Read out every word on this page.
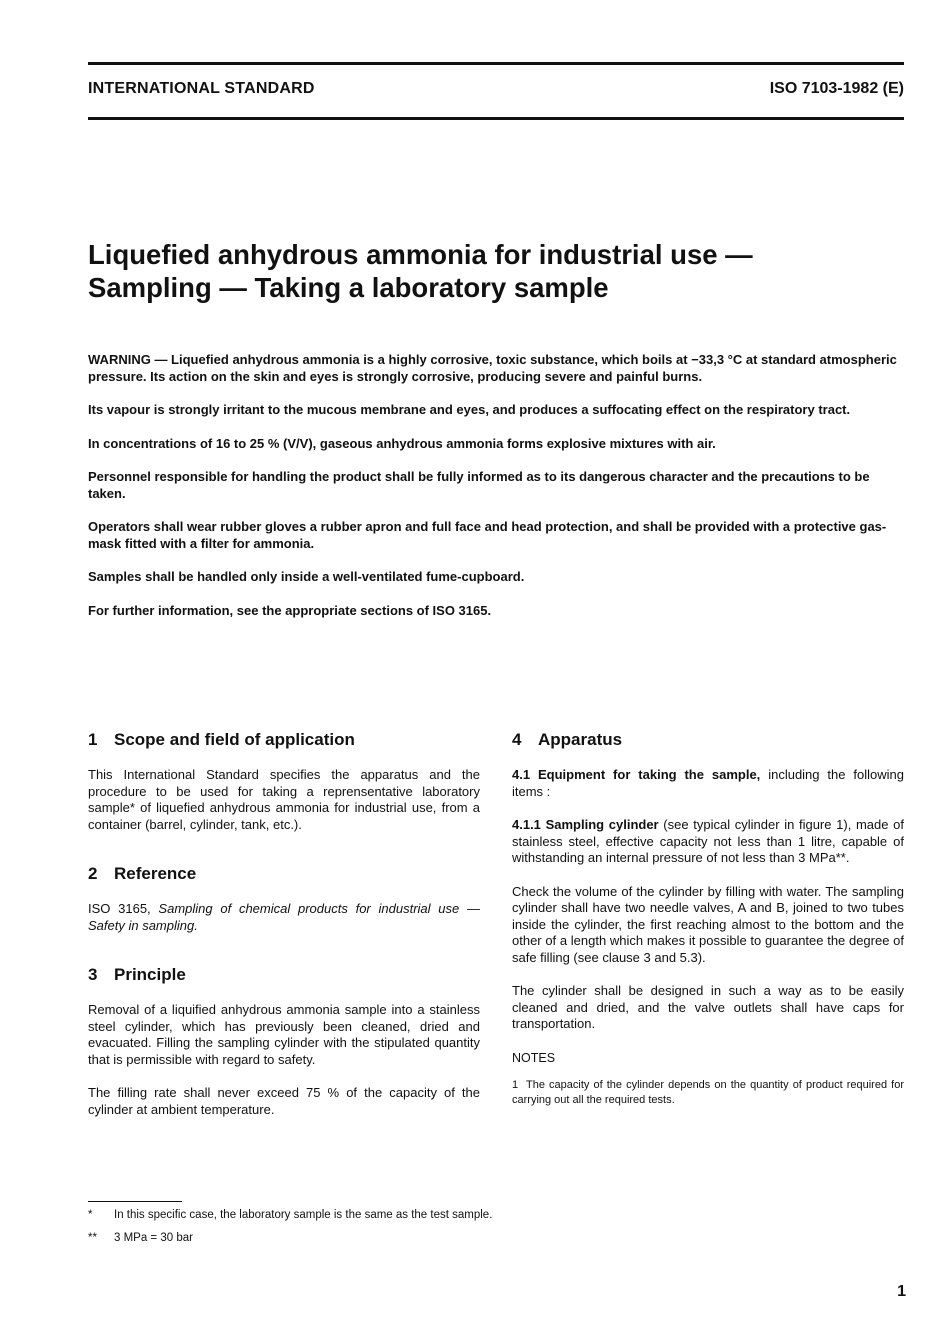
INTERNATIONAL STANDARD	ISO 7103-1982 (E)
Liquefied anhydrous ammonia for industrial use —
Sampling — Taking a laboratory sample

WARNING — Liquefied anhydrous ammonia is a highly corrosive, toxic substance, which boils at −33,3 °C at standard atmospheric pressure. Its action on the skin and eyes is strongly corrosive, producing severe and painful burns.

Its vapour is strongly irritant to the mucous membrane and eyes, and produces a suffocating effect on the respiratory tract.

In concentrations of 16 to 25 % (V/V), gaseous anhydrous ammonia forms explosive mixtures with air.

Personnel responsible for handling the product shall be fully informed as to its dangerous character and the precautions to be taken.

Operators shall wear rubber gloves a rubber apron and full face and head protection, and shall be provided with a protective gas-mask fitted with a filter for ammonia.

Samples shall be handled only inside a well-ventilated fume-cupboard.

For further information, see the appropriate sections of ISO 3165.

1 Scope and field of application

This International Standard specifies the apparatus and the procedure to be used for taking a reprensentative laboratory sample* of liquefied anhydrous ammonia for industrial use, from a container (barrel, cylinder, tank, etc.).

2 Reference

ISO 3165, Sampling of chemical products for industrial use — Safety in sampling.

3 Principle

Removal of a liquified anhydrous ammonia sample into a stainless steel cylinder, which has previously been cleaned, dried and evacuated. Filling the sampling cylinder with the stipulated quantity that is permissible with regard to safety.

The filling rate shall never exceed 75 % of the capacity of the cylinder at ambient temperature.

4 Apparatus

4.1 Equipment for taking the sample, including the following items :

4.1.1 Sampling cylinder (see typical cylinder in figure 1), made of stainless steel, effective capacity not less than 1 litre, capable of withstanding an internal pressure of not less than 3 MPa**.

Check the volume of the cylinder by filling with water. The sampling cylinder shall have two needle valves, A and B, joined to two tubes inside the cylinder, the first reaching almost to the bottom and the other of a length which makes it possible to guarantee the degree of safe filling (see clause 3 and 5.3).

The cylinder shall be designed in such a way as to be easily cleaned and dried, and the valve outlets shall have caps for transportation.

NOTES
1 The capacity of the cylinder depends on the quantity of product required for carrying out all the required tests.
* In this specific case, the laboratory sample is the same as the test sample.
** 3 MPa = 30 bar
1
